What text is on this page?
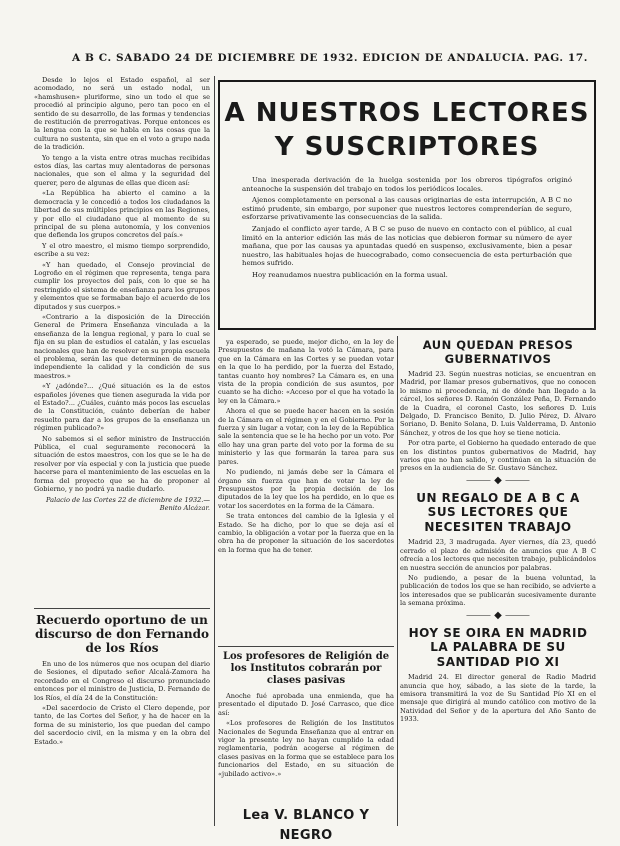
A B C. SABADO 24 DE DICIEMBRE DE 1932. EDICION DE ANDALUCIA. PAG. 17.

Desde lo lejos el Estado español, al ser acomodado, no será un estado nodal, un «hamshusen» pluriforme, sino un todo el que se procedió al principio alguno, pero tan poco en el sentido de su desarrollo, de las formas y tendencias de restitución de prerrogativas. Porque entonces es la lengua con la que se habla en las cosas que la cultura no sustenta, sin que en el voto a grupo nada de la tradición.

Yo tengo a la vista entre otras muchas recibidas estos días, las cartas muy alentadoras de personas nacionales, que son el alma y la seguridad del querer, pero de algunas de ellas que dicen así:

«La República ha abierto el camino a la democracia y le concedió a todos los ciudadanos la libertad de sus múltiples principios en las Regiones, y por ello el ciudadano que al momento de su principal de su plena autonomía, y los convenios que defienda los grupos concretos del país.»

Y el otro maestro, el mismo tiempo sorprendido, escribe a su vez:

«Y han quedado, el Consejo provincial de Logroño en el régimen que representa, tenga para cumplir los proyectos del país, con lo que se ha restringido el sistema de enseñanza para los grupos y elementos que se formaban bajo el acuerdo de los diputados y sus cuerpos.»

«Contrario a la disposición de la Dirección General de Primera Enseñanza vinculada a la enseñanza de la lengua regional, y para lo cual se fija en su plan de estudios el catalán, y las escuelas nacionales que han de resolver en su propia escuela el problema, serán las que determinen de manera independiente la calidad y la condición de sus maestros.»

«Y ¿adónde?... ¿Qué situación es la de estos españoles jóvenes que tienen asegurada la vida por el Estado?... ¿Cuáles, cuánto más pocos las escuelas de la Constitución, cuánto deberían de haber resuelto para dar a los grupos de la enseñanza un régimen publicado?»

No sabemos si el señor ministro de Instrucción Pública, el cual seguramente reconocerá la situación de estos maestros, con los que se le ha de resolver por vía especial y con la justicia que puede hacerse para el mantenimiento de las escuelas en la forma del proyecto que se ha de proponer al Gobierno, y no podrá ya nadie dudarlo.

Palacio de las Cortes 22 de diciembre de 1932.—Benito Alcázar.

Recuerdo oportuno de un discurso de don Fernando de los Ríos

En uno de los números que nos ocupan del diario de Sesiones, el diputado señor Alcalá-Zamora ha recordado en el Congreso el discurso pronunciado entonces por el ministro de Justicia, D. Fernando de los Ríos, el día 24 de la Constitución:

«Del sacerdocio de Cristo el Clero depende, por tanto, de las Cortes del Señor, y ha de hacer en la forma de su ministerio, los que puedan del campo del sacerdocio civil, en la misma y en la obra del Estado.»

A NUESTROS LECTORES
Y SUSCRIPTORES

Una inesperada derivación de la huelga sostenida por los obreros tipógrafos originó anteanoche la suspensión del trabajo en todos los periódicos locales.

Ajenos completamente en personal a las causas originarias de esta interrupción, A B C no estimó prudente, sin embargo, por suponer que nuestros lectores comprenderían de seguro, esforzarse privativamente las consecuencias de la salida.

Zanjado el conflicto ayer tarde, A B C se puso de nuevo en contacto con el público, al cual limitó en la anterior edición las más de las noticias que debieron formar su número de ayer mañana, que por las causas ya apuntadas quedó en suspenso, exclusivamente, bien a pesar nuestro, las habituales hojas de huecograbado, como consecuencia de esta perturbación que hemos sufrido.

Hoy reanudamos nuestra publicación en la forma usual.

ya esperado, se puede, mejor dicho, en la ley de Presupuestos de mañana la votó la Cámara, para que en la Cámara en las Cortes y se puedan votar en la que lo ha perdido, por la fuerza del Estado, tantas cuanto hoy nombres? La Cámara es, en una vista de la propia condición de sus asuntos, por cuanto se ha dicho: «Acceso por el que ha votado la ley en la Cámara.»

Ahora el que se puede hacer hacen en la sesión de la Cámara en el régimen y en el Gobierno. Por la fuerza y sin lugar a votar, con la ley de la República sale la sentencia que se le ha hecho por un voto. Por ello hay una gran parte del voto por la forma de su ministerio y las que formarán la tarea para sus pares.

No pudiendo, ni jamás debe ser la Cámara el órgano sin fuerza que han de votar la ley de Presupuestos por la propia decisión de los diputados de la ley que los ha perdido, en lo que es votar los sacerdotes en la forma de la Cámara.

Se trata entonces del cambio de la Iglesia y el Estado. Se ha dicho, por lo que se deja así el cambio, la obligación a votar por la fuerza que en la obra ha de proponer la situación de los sacerdotes en la forma que ha de tener.

Los profesores de Religión de los Institutos cobrarán por clases pasivas

Anoche fué aprobada una enmienda, que ha presentado el diputado D. José Carrasco, que dice así:

«Los profesores de Religión de los Institutos Nacionales de Segunda Enseñanza que al entrar en vigor la presente ley no hayan cumplido la edad reglamentaria, podrán acogerse al régimen de clases pasivas en la forma que se establece para los funcionarios del Estado, en su situación de «jubilado activo».»

Lea V. BLANCO Y NEGRO
AUN QUEDAN PRESOS GUBERNATIVOS

Madrid 23. Según nuestras noticias, se encuentran en Madrid, por llamar presos gubernativos, que no conocen lo mismo ni procedencia, ni de dónde han llegado a la cárcel, los señores D. Ramón González Peña, D. Fernando de la Cuadra, el coronel Casto, los señores D. Luis Delgado, D. Francisco Benito, D. Julio Pérez, D. Álvaro Soriano, D. Benito Solana, D. Luis Valderrama, D. Antonio Sánchez, y otros de los que hoy se tiene noticia.

Por otra parte, el Gobierno ha quedado enterado de que en los distintos puntos gubernativos de Madrid, hay varios que no han salido, y continúan en la situación de presos en la audiencia de Sr. Gustavo Sánchez.

⸻ ◆ ⸻
UN REGALO DE A B C A SUS LECTORES QUE NECESITEN TRABAJO

Madrid 23, 3 madrugada. Ayer viernes, día 23, quedó cerrado el plazo de admisión de anuncios que A B C ofrecía a los lectores que necesiten trabajo, publicándolos en nuestra sección de anuncios por palabras.

No pudiendo, a pesar de la buena voluntad, la publicación de todos los que se han recibido, se advierte a los interesados que se publicarán sucesivamente durante la semana próxima.

⸻ ◆ ⸻
HOY SE OIRA EN MADRID LA PALABRA DE SU SANTIDAD PIO XI

Madrid 24. El director general de Radio Madrid anuncia que hoy, sábado, a las siete de la tarde, la emisora transmitirá la voz de Su Santidad Pío XI en el mensaje que dirigirá al mundo católico con motivo de la Natividad del Señor y de la apertura del Año Santo de 1933.
